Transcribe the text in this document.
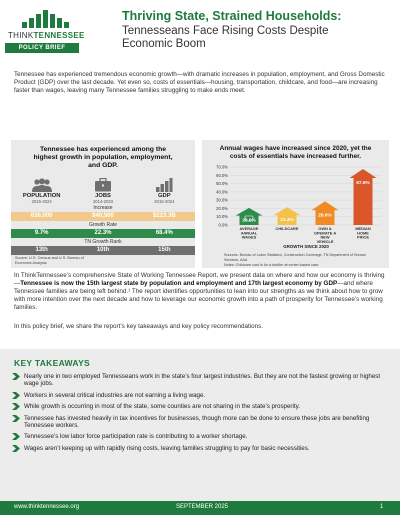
THINKTENNESSEE
POLICY BRIEF
Thriving State, Strained Households:
Tennesseans Face Rising Costs Despite Economic Boom

Tennessee has experienced tremendous economic growth—with dramatic increases in population, employment, and Gross Domestic Product (GDP) over the last decade. Yet even so, costs of essentials—housing, transportation, childcare, and food—are increasing faster than wages, leaving many Tennessee families struggling to make ends meet.

Tennessee has experienced among the highest growth in population, employment, and GDP.
POPULATION
2015-2024
JOBS
2014-2023
GDP
2015-2024
Increase
636,000	840,500	$223.3B
Growth Rate
9.7%	22.3%	68.4%
TN Growth Rank
13th	10th	15th
Source: U.S. Census and U.S. Bureau of Economic Analysis
Annual wages have increased since 2020, yet the costs of essentials have increased further.
0.0%
10.0%
20.0%
30.0%
40.0%
50.0%
60.0%
70.0%
20.6%
AVERAGE ANNUAL WAGES
21.4%
CHILDCARE
28.6%
OWN & OPERATE A NEW VEHICLE
67.6%
MEDIAN HOME PRICE
GROWTH SINCE 2020
Sources: Bureau of Labor Statistics, Construction Coverage, TN Department of Human Services, AAA
Notes: Childcare cost is for a toddler at center-based care.

In ThinkTennessee’s comprehensive State of Working Tennessee Report, we present data on where and how our economy is thriving—Tennessee is now the 15th largest state by population and employment and 17th largest economy by GDP—and where Tennessee families are being left behind.¹ The report identifies opportunities to lean into our strengths as we think about how to grow with more intention over the next decade and how to leverage our economic growth into a path of prosperity for Tennessee’s working families.

In this policy brief, we share the report’s key takeaways and key policy recommendations.

KEY TAKEAWAYS
Nearly one in two employed Tennesseans work in the state’s four largest industries. But they are not the fastest growing or highest wage jobs.
Workers in several critical industries are not earning a living wage.
While growth is occurring in most of the state, some counties are not sharing in the state’s prosperity.
Tennessee has invested heavily in tax incentives for businesses, though more can be done to ensure these jobs are benefiting Tennessee workers.
Tennessee’s low labor force participation rate is contributing to a worker shortage.
Wages aren’t keeping up with rapidly rising costs, leaving families struggling to pay for basic necessities.
www.thinktennessee.org	SEPTEMBER 2025	1
